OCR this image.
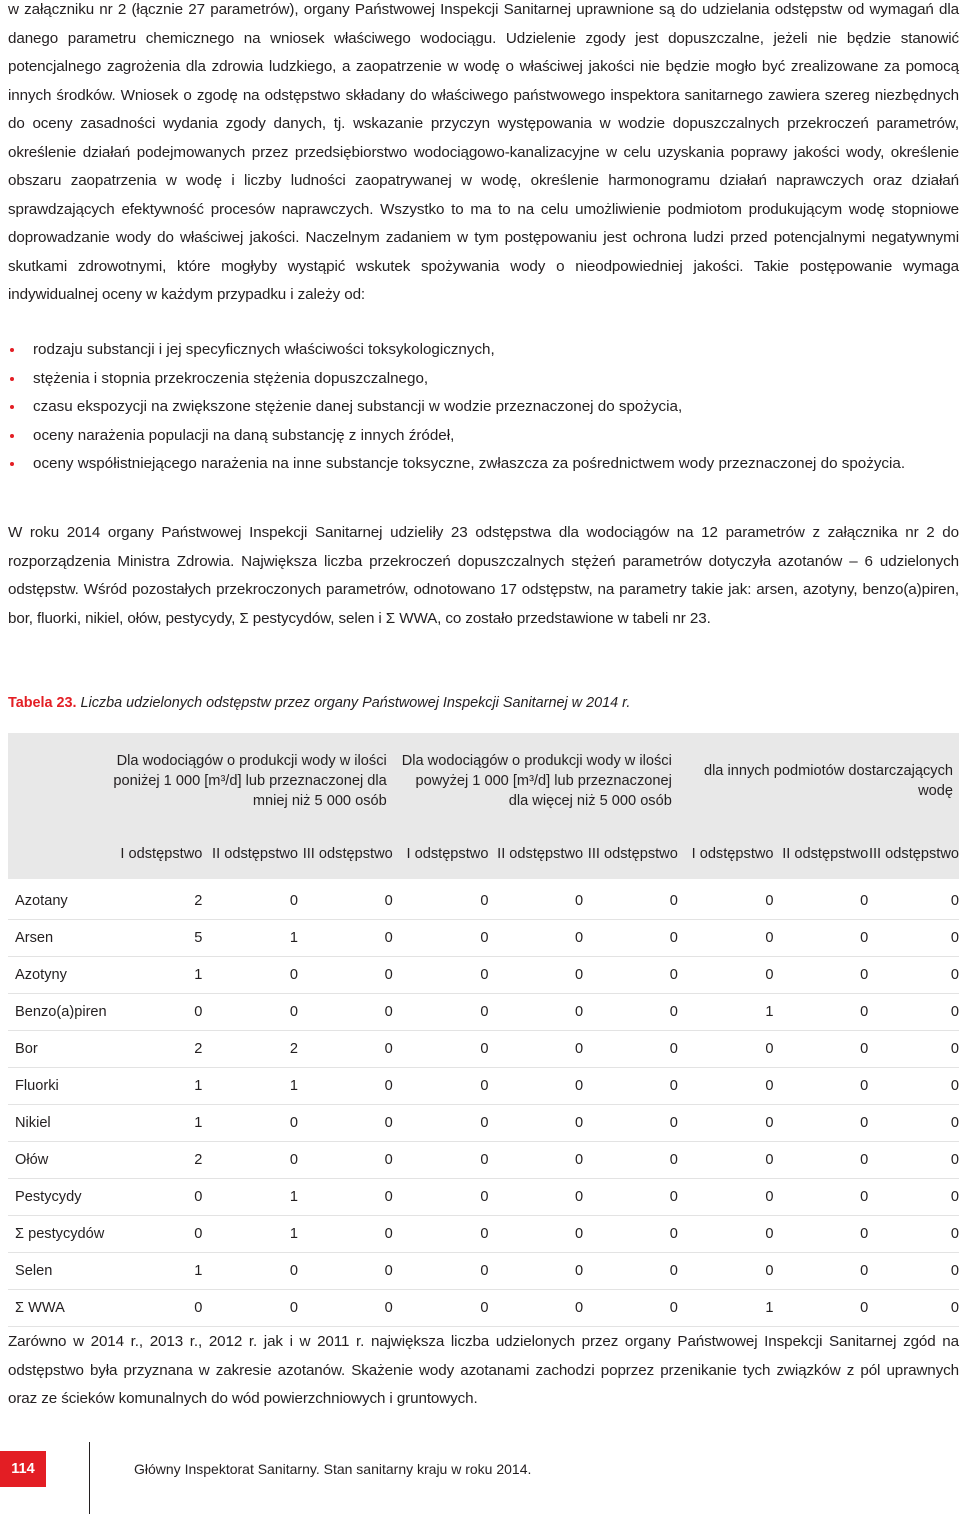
w załączniku nr 2 (łącznie 27 parametrów), organy Państwowej Inspekcji Sanitarnej uprawnione są do udzielania odstępstw od wymagań dla danego parametru chemicznego na wniosek właściwego wodociągu. Udzielenie zgody jest dopuszczalne, jeżeli nie będzie stanowić potencjalnego zagrożenia dla zdrowia ludzkiego, a zaopatrzenie w wodę o właściwej jakości nie będzie mogło być zrealizowane za pomocą innych środków. Wniosek o zgodę na odstępstwo składany do właściwego państwowego inspektora sanitarnego zawiera szereg niezbędnych do oceny zasadności wydania zgody danych, tj. wskazanie przyczyn występowania w wodzie dopuszczalnych przekroczeń parametrów, określenie działań podejmowanych przez przedsiębiorstwo wodociągowo-kanalizacyjne w celu uzyskania poprawy jakości wody, określenie obszaru zaopatrzenia w wodę i liczby ludności zaopatrywanej w wodę, określenie harmonogramu działań naprawczych oraz działań sprawdzających efektywność procesów naprawczych. Wszystko to ma to na celu umożliwienie podmiotom produkującym wodę stopniowe doprowadzanie wody do właściwej jakości. Naczelnym zadaniem w tym postępowaniu jest ochrona ludzi przed potencjalnymi negatywnymi skutkami zdrowotnymi, które mogłyby wystąpić wskutek spożywania wody o nieodpowiedniej jakości. Takie postępowanie wymaga indywidualnej oceny w każdym przypadku i zależy od:

rodzaju substancji i jej specyficznych właściwości toksykologicznych,
stężenia i stopnia przekroczenia stężenia dopuszczalnego,
czasu ekspozycji na zwiększone stężenie danej substancji w wodzie przeznaczonej do spożycia,
oceny narażenia populacji na daną substancję z innych źródeł,
oceny współistniejącego narażenia na inne substancje toksyczne, zwłaszcza za pośrednictwem wody przeznaczonej do spożycia.

W roku 2014 organy Państwowej Inspekcji Sanitarnej udzieliły 23 odstępstwa dla wodociągów na 12 parametrów z załącznika nr 2 do rozporządzenia Ministra Zdrowia. Największa liczba przekroczeń dopuszczalnych stężeń parametrów dotyczyła azotanów – 6 udzielonych odstępstw. Wśród pozostałych przekroczonych parametrów, odnotowano 17 odstępstw, na parametry takie jak: arsen, azotyny, benzo(a)piren, bor, fluorki, nikiel, ołów, pestycydy, Σ pestycydów, selen i Σ WWA, co zostało przedstawione w tabeli nr 23.

Tabela 23. Liczba udzielonych odstępstw przez organy Państwowej Inspekcji Sanitarnej w 2014 r.
	Dla wodociągów o produkcji wody w ilości poniżej 1 000 [m³/d] lub przeznaczonej dla mniej niż 5 000 osób			Dla wodociągów o produkcji wody w ilości powyżej 1 000 [m³/d] lub przeznaczonej dla więcej niż 5 000 osób			dla innych podmiotów dostarczających wodę		
	I odstępstwo	II odstępstwo	III odstępstwo	I odstępstwo	II odstępstwo	III odstępstwo	I odstępstwo	II odstępstwo	III odstępstwo

Azotany	2	0	0	0	0	0	0	0	0
Arsen	5	1	0	0	0	0	0	0	0
Azotyny	1	0	0	0	0	0	0	0	0
Benzo(a)piren	0	0	0	0	0	0	1	0	0
Bor	2	2	0	0	0	0	0	0	0
Fluorki	1	1	0	0	0	0	0	0	0
Nikiel	1	0	0	0	0	0	0	0	0
Ołów	2	0	0	0	0	0	0	0	0
Pestycydy	0	1	0	0	0	0	0	0	0
Σ pestycydów	0	1	0	0	0	0	0	0	0
Selen	1	0	0	0	0	0	0	0	0
Σ WWA	0	0	0	0	0	0	1	0	0

Zarówno w 2014 r., 2013 r., 2012 r. jak i w 2011 r. największa liczba udzielonych przez organy Państwowej Inspekcji Sanitarnej zgód na odstępstwo była przyznana w zakresie azotanów. Skażenie wody azotanami zachodzi poprzez przenikanie tych związków z pól uprawnych oraz ze ścieków komunalnych do wód powierzchniowych i gruntowych.

114	Główny Inspektorat Sanitarny. Stan sanitarny kraju w roku 2014.
